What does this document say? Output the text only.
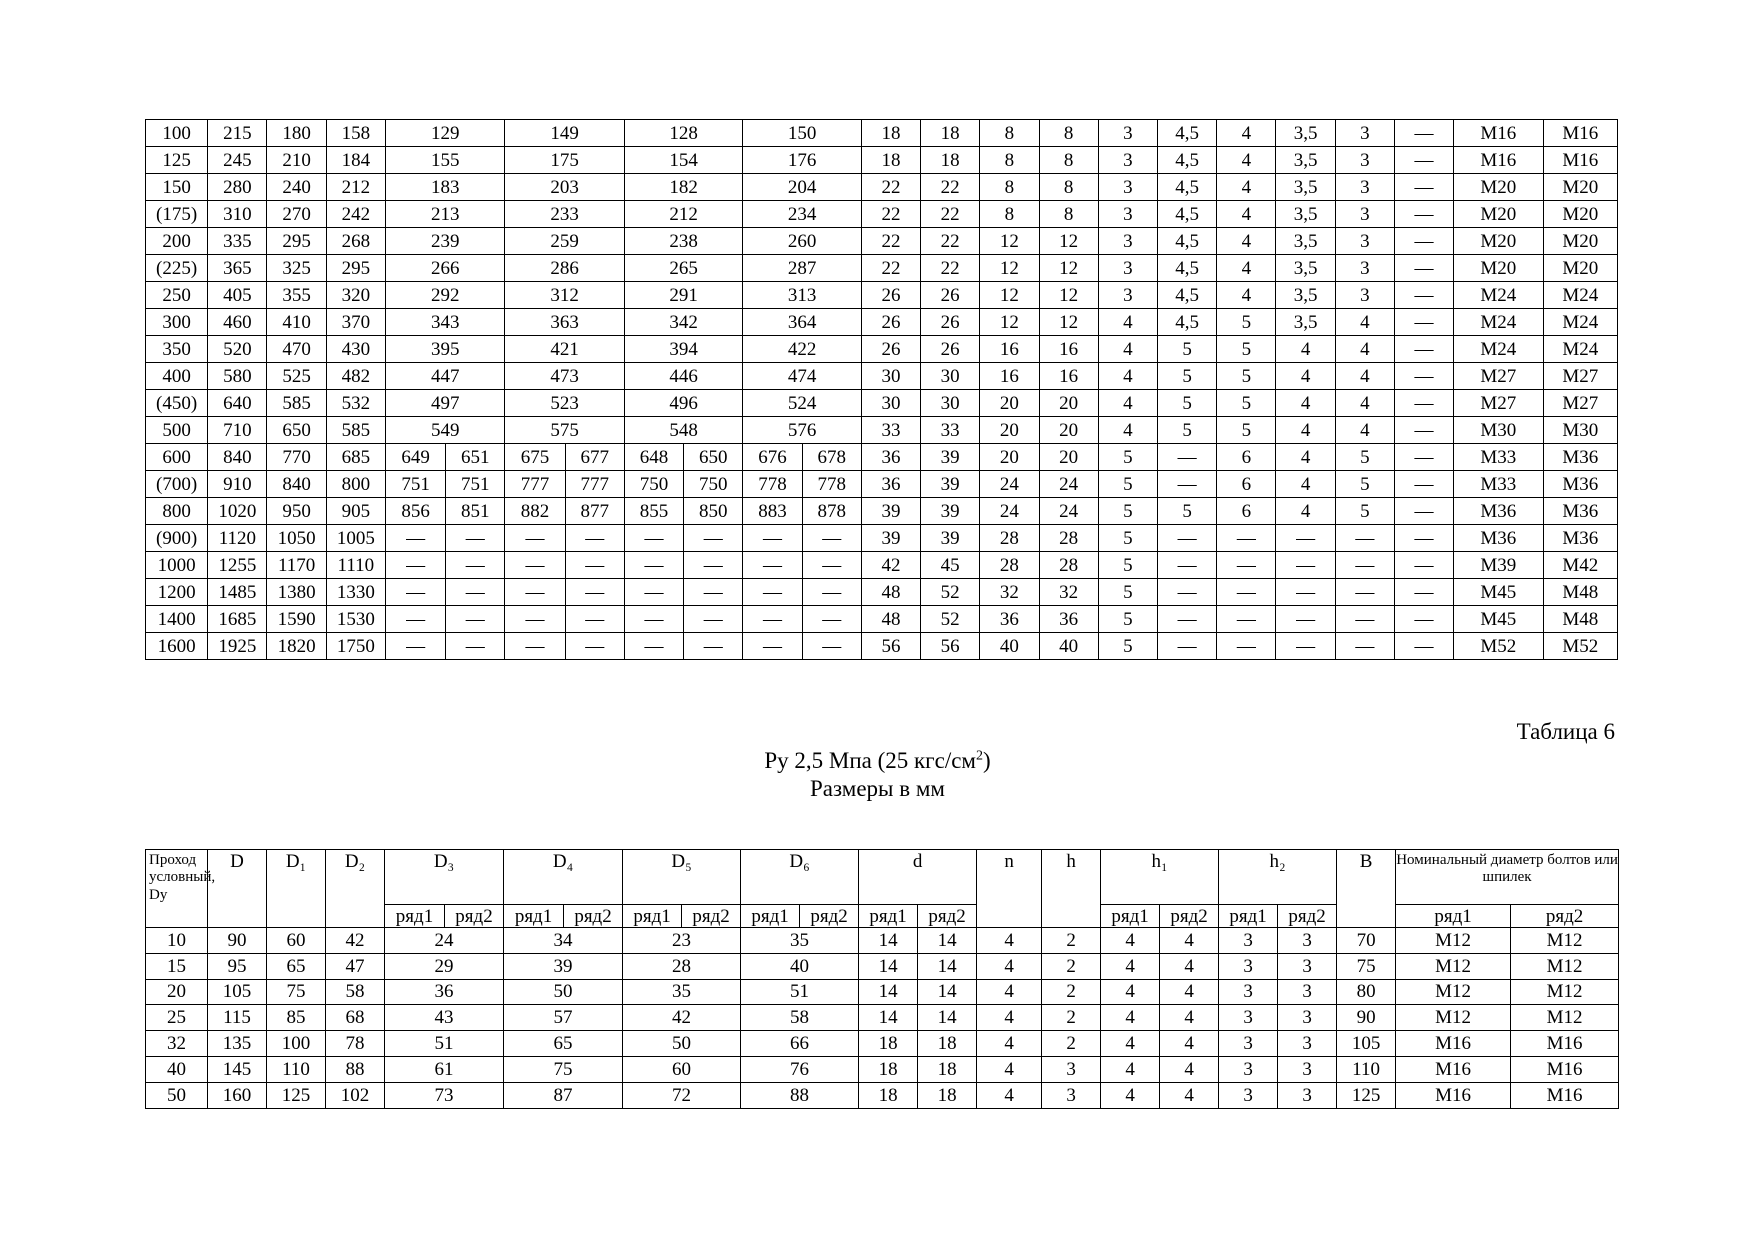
100	215	180	158	129		149		128		150		18	18	8	8	3	4,5	4	3,5	3	—	М16	М16
125	245	210	184	155		175		154		176		18	18	8	8	3	4,5	4	3,5	3	—	М16	М16
150	280	240	212	183		203		182		204		22	22	8	8	3	4,5	4	3,5	3	—	М20	М20
(175)	310	270	242	213		233		212		234		22	22	8	8	3	4,5	4	3,5	3	—	М20	М20
200	335	295	268	239		259		238		260		22	22	12	12	3	4,5	4	3,5	3	—	М20	М20
(225)	365	325	295	266		286		265		287		22	22	12	12	3	4,5	4	3,5	3	—	М20	М20
250	405	355	320	292		312		291		313		26	26	12	12	3	4,5	4	3,5	3	—	М24	М24
300	460	410	370	343		363		342		364		26	26	12	12	4	4,5	5	3,5	4	—	М24	М24
350	520	470	430	395		421		394		422		26	26	16	16	4	5	5	4	4	—	М24	М24
400	580	525	482	447		473		446		474		30	30	16	16	4	5	5	4	4	—	М27	М27
(450)	640	585	532	497		523		496		524		30	30	20	20	4	5	5	4	4	—	М27	М27
500	710	650	585	549		575		548		576		33	33	20	20	4	5	5	4	4	—	М30	М30
600	840	770	685	649	651	675	677	648	650	676	678	36	39	20	20	5	—	6	4	5	—	М33	М36
(700)	910	840	800	751	751	777	777	750	750	778	778	36	39	24	24	5	—	6	4	5	—	М33	М36
800	1020	950	905	856	851	882	877	855	850	883	878	39	39	24	24	5	5	6	4	5	—	М36	М36
(900)	1120	1050	1005	—	—	—	—	—	—	—	—	39	39	28	28	5	—	—	—	—	—	М36	М36
1000	1255	1170	1110	—	—	—	—	—	—	—	—	42	45	28	28	5	—	—	—	—	—	М39	М42
1200	1485	1380	1330	—	—	—	—	—	—	—	—	48	52	32	32	5	—	—	—	—	—	М45	М48
1400	1685	1590	1530	—	—	—	—	—	—	—	—	48	52	36	36	5	—	—	—	—	—	М45	М48
1600	1925	1820	1750	—	—	—	—	—	—	—	—	56	56	40	40	5	—	—	—	—	—	М52	М52
Таблица 6
Ру 2,5 Мпа (25 кгс/$см^2$)
Размеры в мм
Проход условный, Dy	D	D₁	D₂	D₃		D₄		D₅		D₆		d		n	h	h₁		h₂		B	Номинальный диаметр болтов или шпилек	
				ряд1	ряд2	ряд1	ряд2	ряд1	ряд2	ряд1	ряд2	ряд1	ряд2			ряд1	ряд2	ряд1	ряд2		ряд1	ряд2
10	90	60	42	24		34		23		35		14	14	4	2	4	4	3	3	70	М12	М12
15	95	65	47	29		39		28		40		14	14	4	2	4	4	3	3	75	М12	М12
20	105	75	58	36		50		35		51		14	14	4	2	4	4	3	3	80	М12	М12
25	115	85	68	43		57		42		58		14	14	4	2	4	4	3	3	90	М12	М12
32	135	100	78	51		65		50		66		18	18	4	2	4	4	3	3	105	М16	М16
40	145	110	88	61		75		60		76		18	18	4	3	4	4	3	3	110	М16	М16
50	160	125	102	73		87		72		88		18	18	4	3	4	4	3	3	125	М16	М16
